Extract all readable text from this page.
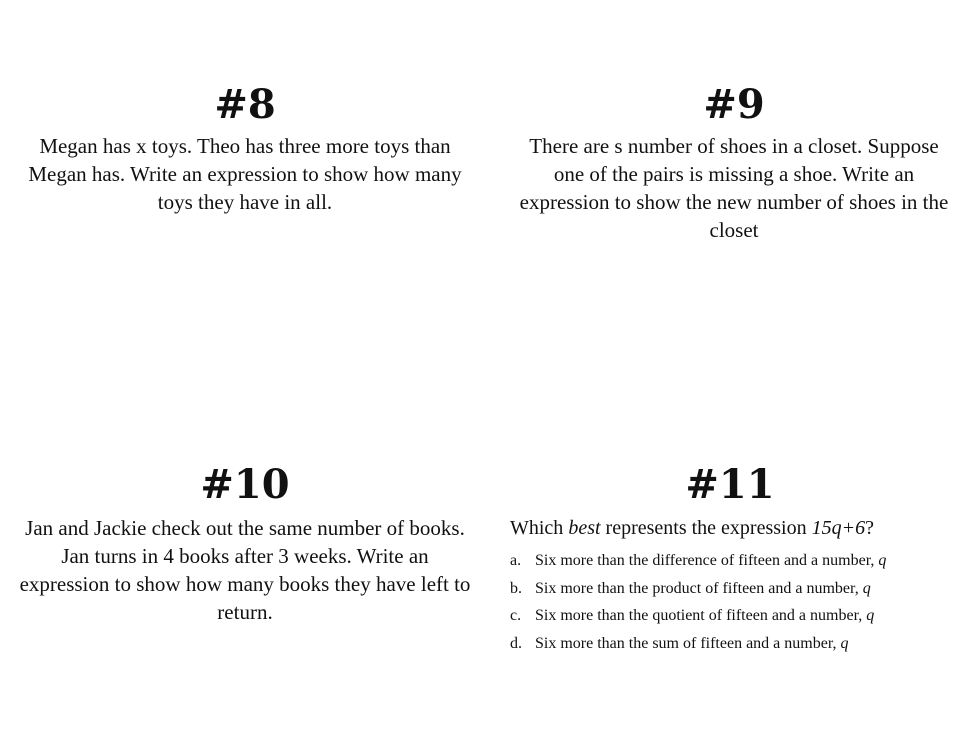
#8

Megan has x toys. Theo has three more toys than Megan has. Write an expression to show how many toys they have in all.

#9

There are s number of shoes in a closet. Suppose one of the pairs is missing a shoe. Write an expression to show the new number of shoes in the closet

#10

Jan and Jackie check out the same number of books. Jan turns in 4 books after 3 weeks. Write an expression to show how many books they have left to return.

#11

Which best represents the expression 15q+6?

a. Six more than the difference of fifteen and a number, q
b. Six more than the product of fifteen and a number, q
c. Six more than the quotient of fifteen and a number, q
d. Six more than the sum of fifteen and a number, q
